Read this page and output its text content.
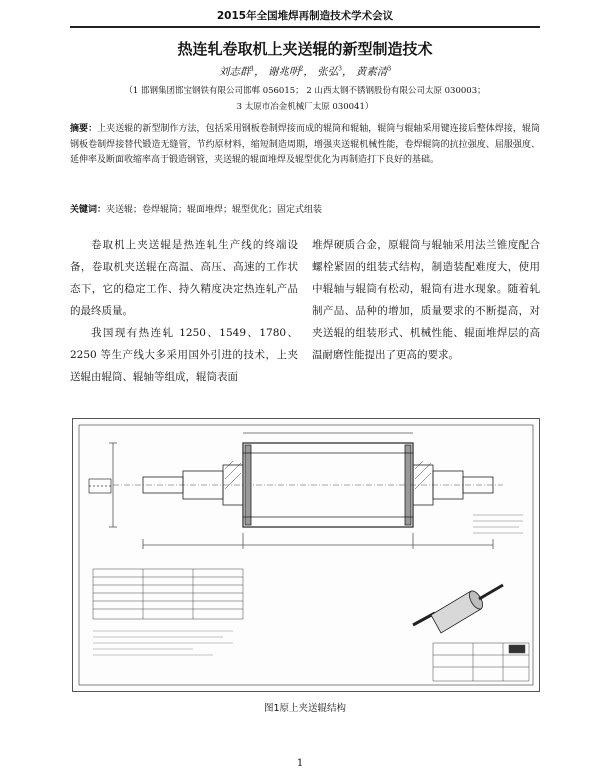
2015年全国堆焊再制造技术学术会议
热连轧卷取机上夹送辊的新型制造技术
刘志群$^1$， 谢兆明$^2$， 张弘$^3$， 黄素清$^3$
（1 邯钢集团邯宝钢铁有限公司邯郸 056015； 2 山西太钢不锈钢股份有限公司太原 030003；
3 太原市冶金机械厂太原 030041）
摘要：上夹送辊的新型制作方法，包括采用钢板卷制焊接而成的辊筒和辊轴，辊筒与辊轴采用键连接后整体焊接，辊筒钢板卷制焊接替代锻造无缝管，节约原材料，缩短制造周期，增强夹送辊机械性能，卷焊辊筒的抗拉强度、屈服强度、延伸率及断面收缩率高于锻造钢管，夹送辊的辊面堆焊及辊型优化为再制造打下良好的基础。
关键词：夹送辊；卷焊辊筒；辊面堆焊；辊型优化；固定式组装

卷取机上夹送辊是热连轧生产线的终端设备，卷取机夹送辊在高温、高压、高速的工作状态下，它的稳定工作、持久精度决定热连轧产品的最终质量。

我国现有热连轧 1250、1549、1780、2250 等生产线大多采用国外引进的技术，上夹送辊由辊筒、辊轴等组成，辊筒表面

堆焊硬质合金，原辊筒与辊轴采用法兰锥度配合螺栓紧固的组装式结构，制造装配难度大，使用中辊轴与辊筒有松动，辊筒有进水现象。随着轧制产品、品种的增加，质量要求的不断提高，对夹送辊的组装形式、机械性能、辊面堆焊层的高温耐磨性能提出了更高的要求。

图1原上夹送辊结构
1
